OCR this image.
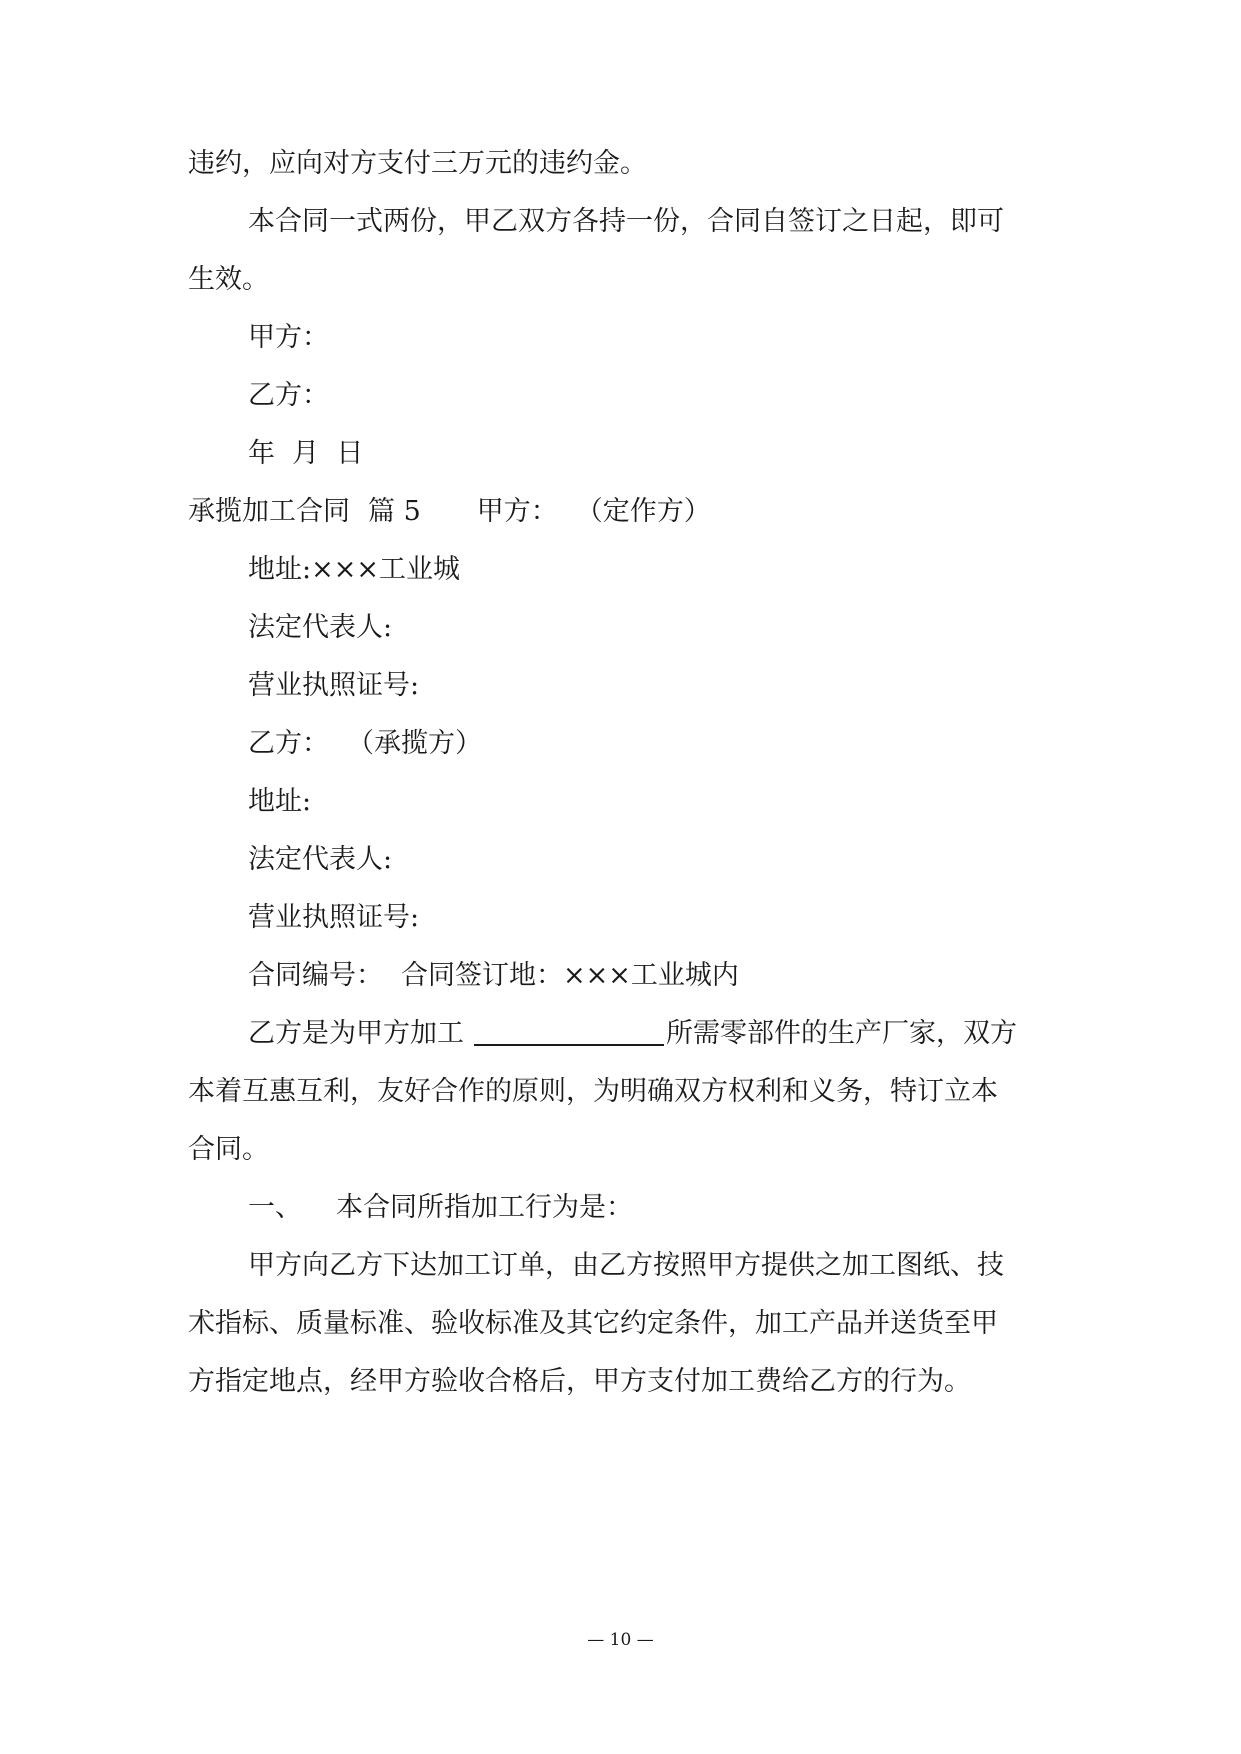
违约，应向对方支付三万元的违约金。
本合同一式两份，甲乙双方各持一份，合同自签订之日起，即可
生效。
甲方：
乙方：
年  月  日
承揽加工合同 篇 5 甲方： （定作方）
地址:×××工业城
法定代表人:
营业执照证号:
乙方： （承揽方）
地址:
法定代表人:
营业执照证号:
合同编号： 合同签订地：×××工业城内
乙方是为甲方加工	所需零部件的生产厂家，双方
本着互惠互利，友好合作的原则，为明确双方权利和义务，特订立本
合同。
一、 本合同所指加工行为是：
甲方向乙方下达加工订单，由乙方按照甲方提供之加工图纸、技
术指标、质量标准、验收标准及其它约定条件，加工产品并送货至甲
方指定地点，经甲方验收合格后，甲方支付加工费给乙方的行为。
— 10 —
